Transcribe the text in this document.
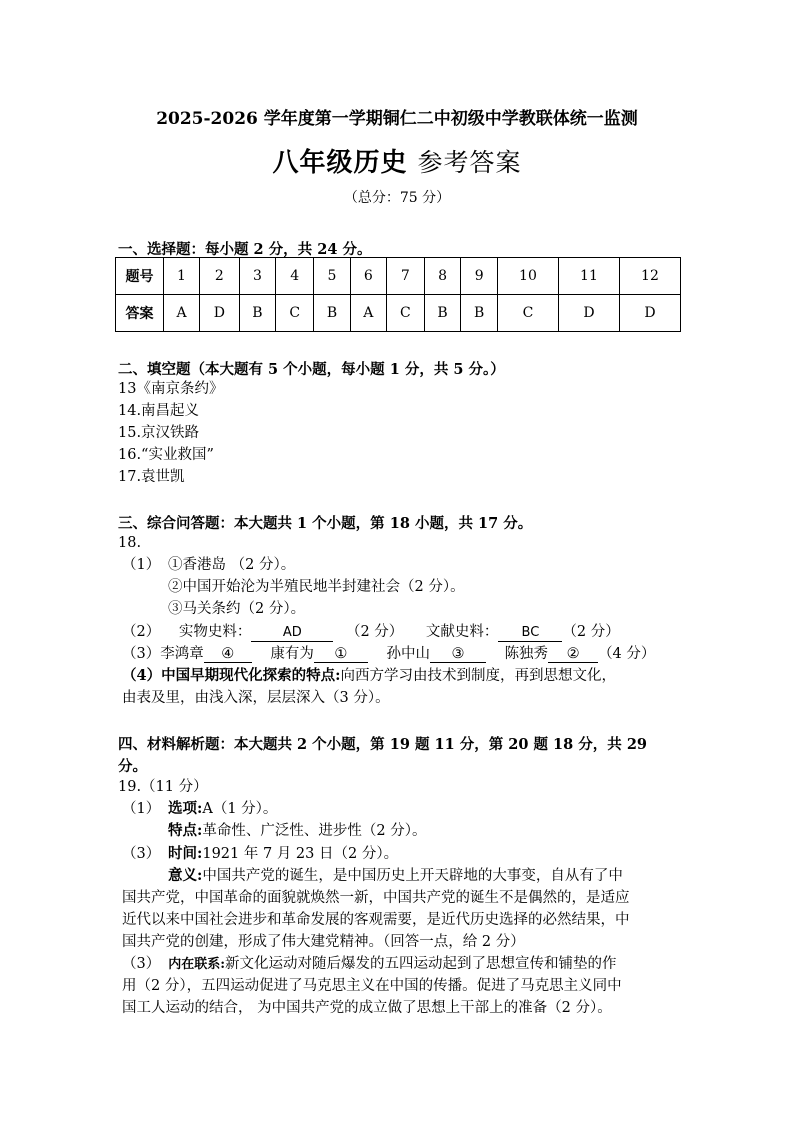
2025-2026 学年度第一学期铜仁二中初级中学教联体统一监测
八年级历史 参考答案
（总分：75 分）
一、选择题：每小题 2 分，共 24 分。
题号	1	2	3	4	5	6	7	8	9	10	11	12
答案	A	D	B	C	B	A	C	B	B	C	D	D
二、填空题（本大题有 5 个小题，每小题 1 分，共 5 分。）
13《南京条约》
14.南昌起义
15.京汉铁路
16.“实业救国”
17.袁世凯
三、综合问答题：本大题共 1 个小题，第 18 小题，共 17 分。
18.
（1） ①香港岛 （2 分）。
②中国开始沦为半殖民地半封建社会（2 分）。
③马关条约（2 分）。
（2） 实物史料： AD	（2 分） 文献史料： BC （2 分）
（3）李鸿章 ④ 康有为 ①	孙中山 ③	陈独秀 ② （4 分）
（4）中国早期现代化探索的特点:向西方学习由技术到制度，再到思想文化，
由表及里，由浅入深，层层深入（3 分）。
四、材料解析题：本大题共 2 个小题，第 19 题 11 分，第 20 题 18 分，共 29
分。
19.（11 分）
（1） 选项:A（1 分）。
特点:革命性、广泛性、进步性（2 分）。
（3） 时间:1921 年 7 月 23 日（2 分）。
意义:中国共产党的诞生，是中国历史上开天辟地的大事变，自从有了中
国共产党，中国革命的面貌就焕然一新，中国共产党的诞生不是偶然的，是适应
近代以来中国社会进步和革命发展的客观需要，是近代历史选择的必然结果，中
国共产党的创建，形成了伟大建党精神。（回答一点，给 2 分）
（3） 内在联系:新文化运动对随后爆发的五四运动起到了思想宣传和铺垫的作
用（2 分），五四运动促进了马克思主义在中国的传播。促进了马克思主义同中
国工人运动的结合， 为中国共产党的成立做了思想上干部上的准备（2 分）。
